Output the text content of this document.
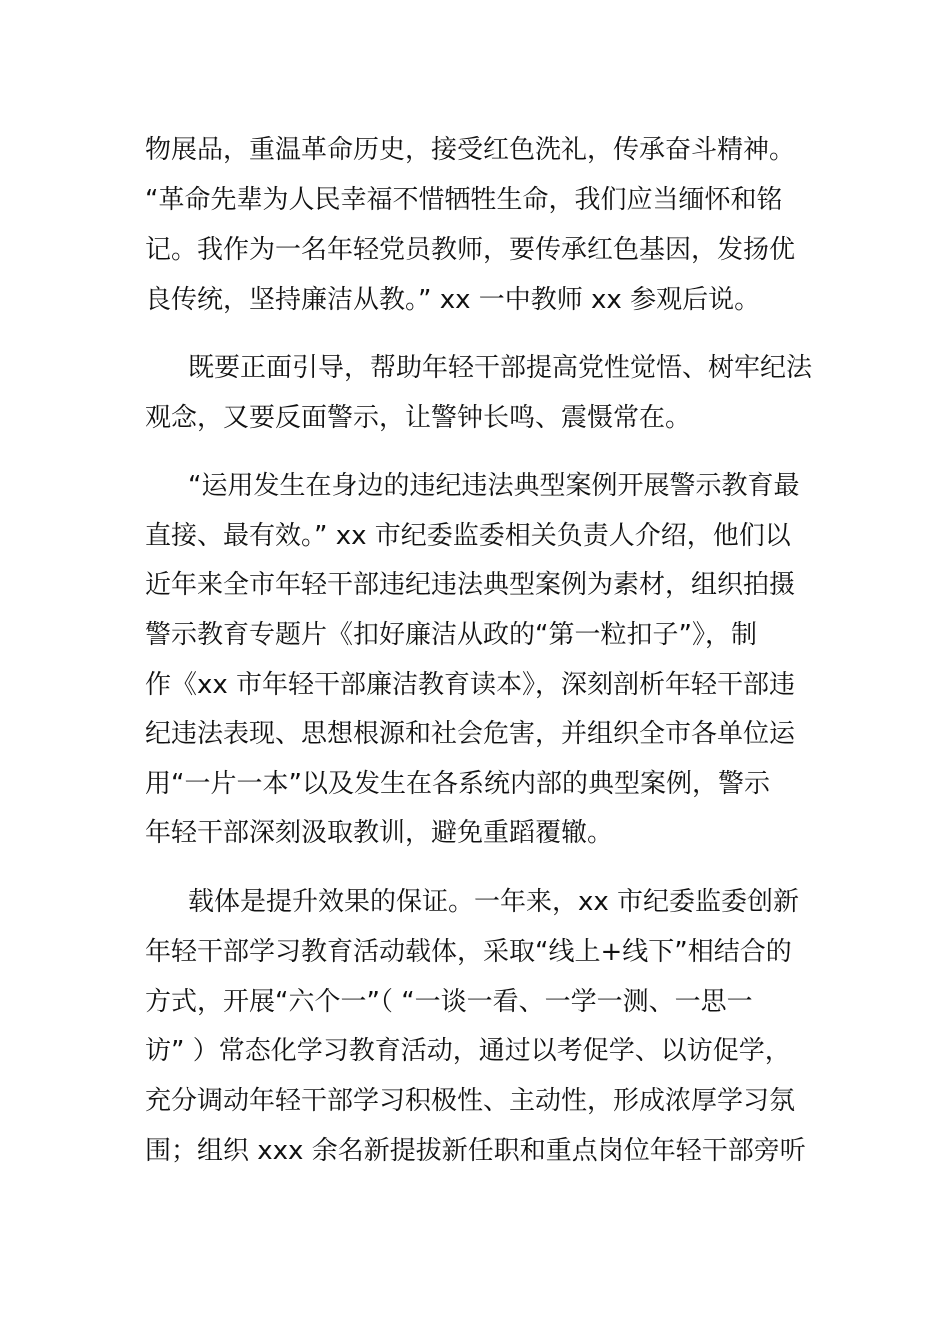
物展品，重温革命历史，接受红色洗礼，传承奋斗精神。
“革命先辈为人民幸福不惜牺牲生命，我们应当缅怀和铭
记。我作为一名年轻党员教师，要传承红色基因，发扬优
良传统，坚持廉洁从教。” xx 一中教师 xx 参观后说。
既要正面引导，帮助年轻干部提高党性觉悟、树牢纪法
观念，又要反面警示，让警钟长鸣、震慑常在。
“运用发生在身边的违纪违法典型案例开展警示教育最
直接、最有效。” xx 市纪委监委相关负责人介绍，他们以
近年来全市年轻干部违纪违法典型案例为素材，组织拍摄
警示教育专题片《扣好廉洁从政的“第一粒扣子”》，制
作《xx 市年轻干部廉洁教育读本》，深刻剖析年轻干部违
纪违法表现、思想根源和社会危害，并组织全市各单位运
用“一片一本”以及发生在各系统内部的典型案例，警示
年轻干部深刻汲取教训，避免重蹈覆辙。
载体是提升效果的保证。一年来，xx 市纪委监委创新
年轻干部学习教育活动载体，采取“线上+线下”相结合的
方式，开展“六个一”（ “一谈一看、一学一测、一思一
访” ）常态化学习教育活动，通过以考促学、以访促学，
充分调动年轻干部学习积极性、主动性，形成浓厚学习氛
围；组织 xxx 余名新提拔新任职和重点岗位年轻干部旁听
